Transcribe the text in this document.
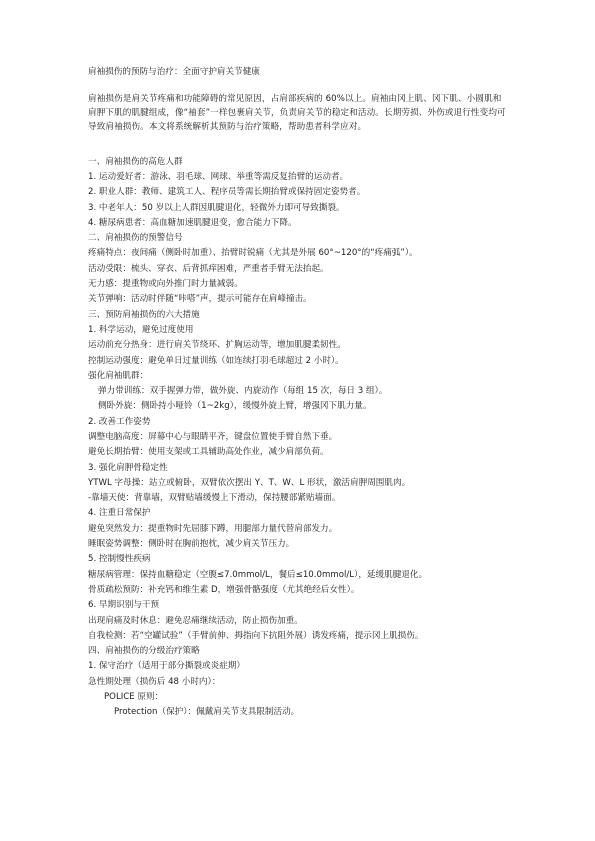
肩袖损伤的预防与治疗：全面守护肩关节健康

肩袖损伤是肩关节疼痛和功能障碍的常见原因，占肩部疾病的 60%以上。肩袖由冈上肌、冈下肌、小圆肌和肩胛下肌的肌腱组成，像“袖套”一样包裹肩关节，负责肩关节的稳定和活动。长期劳损、外伤或退行性变均可导致肩袖损伤。本文将系统解析其预防与治疗策略，帮助患者科学应对。

一、肩袖损伤的高危人群

1. 运动爱好者：游泳、羽毛球、网球、举重等需反复抬臂的运动者。

2. 职业人群：教师、建筑工人、程序员等需长期抬臂或保持固定姿势者。

3. 中老年人：50 岁以上人群因肌腱退化，轻微外力即可导致撕裂。

4. 糖尿病患者：高血糖加速肌腱退变，愈合能力下降。

二、肩袖损伤的预警信号

疼痛特点：夜间痛（侧卧时加重）、抬臂时锐痛（尤其是外展 60°~120°的“疼痛弧”）。

活动受限：梳头、穿衣、后背抓痒困难，严重者手臂无法抬起。

无力感：提重物或向外推门时力量减弱。

关节弹响：活动时伴随“咔嗒”声，提示可能存在肩峰撞击。

三、预防肩袖损伤的六大措施

1. 科学运动，避免过度使用

运动前充分热身：进行肩关节绕环、扩胸运动等，增加肌腱柔韧性。

控制运动强度：避免单日过量训练（如连续打羽毛球超过 2 小时）。

强化肩袖肌群：

弹力带训练：双手握弹力带，做外旋、内旋动作（每组 15 次，每日 3 组）。

侧卧外旋：侧卧持小哑铃（1~2kg），缓慢外旋上臂，增强冈下肌力量。

2. 改善工作姿势

调整电脑高度：屏幕中心与眼睛平齐，键盘位置使手臂自然下垂。

避免长期抬臂：使用支架或工具辅助高处作业，减少肩部负荷。

3. 强化肩胛骨稳定性

YTWL 字母操：站立或俯卧，双臂依次摆出 Y、T、W、L 形状，激活肩胛周围肌肉。

-靠墙天使：背靠墙，双臂贴墙缓慢上下滑动，保持腰部紧贴墙面。

4. 注重日常保护

避免突然发力：提重物时先屈膝下蹲，用腿部力量代替肩部发力。

睡眠姿势调整：侧卧时在胸前抱枕，减少肩关节压力。

5. 控制慢性疾病

糖尿病管理：保持血糖稳定（空腹≤7.0mmol/L，餐后≤10.0mmol/L），延缓肌腱退化。

骨质疏松预防：补充钙和维生素 D，增强骨骼强度（尤其绝经后女性）。

6. 早期识别与干预

出现肩痛及时休息：避免忍痛继续活动，防止损伤加重。

自我检测：若“空罐试验”（手臂前伸、拇指向下抗阻外展）诱发疼痛，提示冈上肌损伤。

四、肩袖损伤的分级治疗策略

1. 保守治疗（适用于部分撕裂或炎症期）

急性期处理（损伤后 48 小时内）：

POLICE 原则：

Protection（保护）：佩戴肩关节支具限制活动。
